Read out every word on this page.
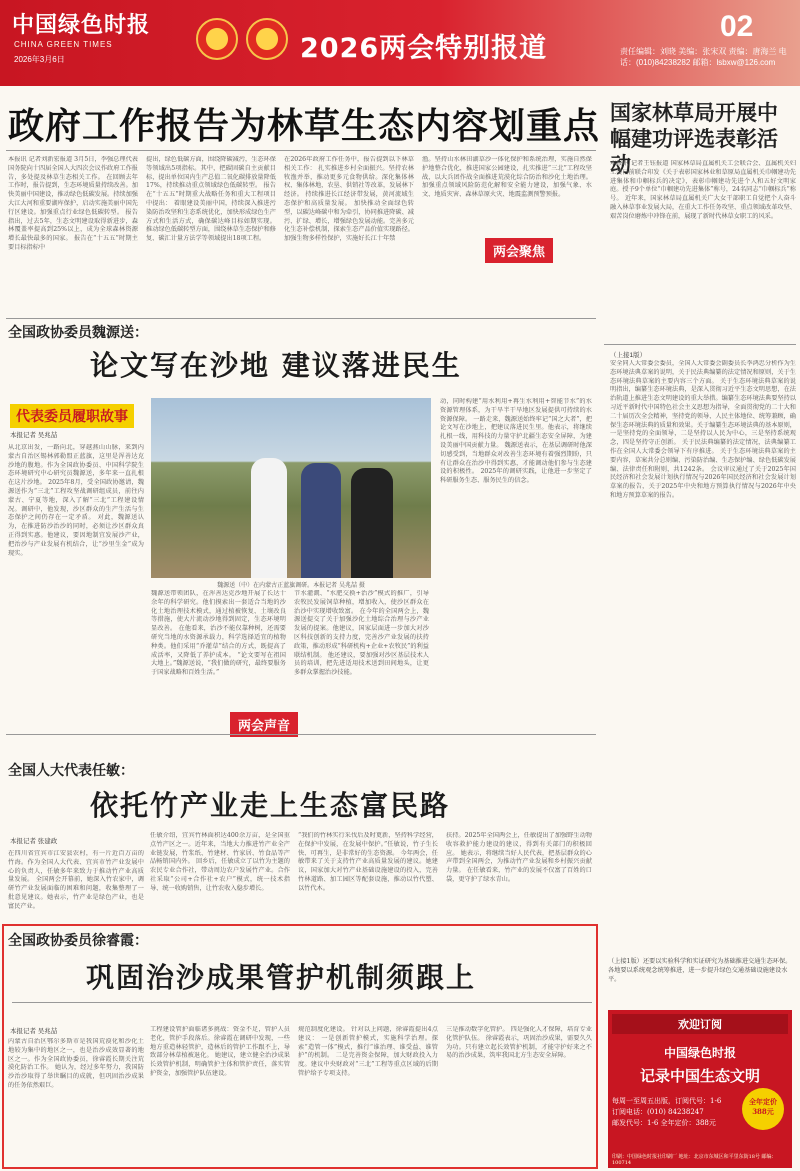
中国绿色时报
CHINA GREEN TIMES
2026年3月6日	2026两会特别报道
02
责任编辑：刘晓 美编：张宋双 责编：唐海兰 电话：(010)84238282 邮箱：lsbxw@126.com
政府工作报告为林草生态内容划重点
本报讯 记者刘新宏报道 3月5日，李强总理代表国务院向十四届全国人大四次会议作政府工作报告，多处提及林草生态相关工作。 在回顾去年工作时，报告提到，生态环境质量持续改善。加快美丽中国建设，推动绿色低碳发展。持续加强大江大河和重要湖库保护，启动实施美丽中国先行区建设。加强重点行业绿色低碳转型。 报告指出，过去5年，生态文明建设取得新进步，森林覆盖率提高到25%以上，成为全球森林资源增长最快最多的国家。 报告在“十五五”时期主要目标指标中
提出，绿色低碳方面，围绕降碳减污，生态环保等领域出5项指标。其中，把碳固碳自主贡献目标，提出单位国内生产总值二氧化碳排放量降低17%，持续推动重点领域绿色低碳转型。 报告在“十五五”时期重大战略任务和重大工程项目中提出： 着眼建设美丽中国，持续深入推进污染防治攻坚和生态系统优化，加快形成绿色生产方式和生活方式，确保碳达峰目标如期实现。 推动绿色低碳转型方面，围绕林草生态保护和修复、碳汇计量方法学等领域提出18项工程。
在2026年政府工作任务中，报告提到以下林草相关工作： 扎实推进乡村全面振兴。坚持农林牧渔并举，推动更多元食物供给。深化集体林权、集体林地，农垦、供销社等改革，发展林下经济。 持续推进长江经济带发展，黄河流域生态保护和高质量发展。 加快推动全面绿色转型，以碳达峰碳中和为牵引，协同推进降碳、减污、扩绿、增长，增强绿色发展动能。完善多元化生态补偿机制，探索生态产品价值实现路径。加强生物多样性保护，实施好长江十年禁
渔。坚持山水林田湖草沙一体化保护和系统治理，实施自然保护地整合优化，推进国家公园建设，扎实推进“三北”工程攻坚战，以大兵团作战全面推进荒漠化综合防治和沙化土地治理。 加强重点领域风险防范化解和安全能力建设，加强气象、水文、地质灾害、森林草原火灾、地震监测预警预报。
两会聚焦
国家林草局开展中幅建功评选表彰活动
本报讯 记者王钰报道 国家林草局直属机关工会联合会、直属机关妇工委日前联合印发《关于表彰国家林业和草原局直属机关巾帼建功先进集体和巾帼标兵的决定》，表彰巾帼建功先进个人和五好文明家庭。授予9个单位“巾帼建功先进集体”称号，24名同志“巾帼标兵”称号。 近年来，国家林草局直属机关广大女干部职工自觉把个人奋斗融入林草事业发展大局，在重大工作任务攻坚、重点领域改革攻坚、艰苦岗位磨炼中冲锋在前，展现了新时代林草女职工的风采。
（上接1版）
安全同人大常委会委员，全国人大常委会副委员长李鸿忠分析作为生态环境法典草案的说明，关于民法典编纂的法定情况和原则，关于生态环境法典草案的主要内容三个方面。 关于生态环境法典草案的说明指出，编纂生态环境法典，是深入贯彻习近平生态文明思想，在法治轨道上推进生态文明建设的重大举措。编纂生态环境法典要坚持以习近平新时代中国特色社会主义思想为指导，全面贯彻党的二十大和二十届历次全会精神，坚持党的领导、人民主体地位、统筹兼顾，确保生态环境法典的质量和效果。关于编纂生态环境法典的基本原则，一是坚持党的全面领导，二是坚持以人民为中心，三是坚持系统观念，四是坚持守正创新。 关于民法典编纂的法定情况，法典编纂工作在全国人大常委会领导下有序推进。 关于生态环境法典草案的主要内容，草案共分总则编、污染防治编、生态保护编、绿色低碳发展编、法律责任和附则，共1242条。 会议审议通过了关于2025年国民经济和社会发展计划执行情况与2026年国民经济和社会发展计划草案的报告，关于2025年中央和地方预算执行情况与2026年中央和地方预算草案的报告。
（上接1版）还要以实验科学和实证研究为基础推进交通生态环保。各地要以系统观念统筹推进，进一步提升绿色交通基础设施建设水平。
全国政协委员魏源送：
论文写在沙地 建议落进民生
代表委员履职故事
本报记者 吴兆喆
从北京出发，一路向北，穿越燕山山脉，来到内蒙古自治区锡林郭勒盟正蓝旗，这里是浑善达克沙地的腹地。作为全国政协委员、中国科学院生态环境研究中心研究员魏源送，多年来一直扎根在这片沙地。 2025年8月，受全国政协邀请，魏源送作为“三北”工程攻坚战调研组成员，前往内蒙古、宁夏等地，深入了解“三北”工程建设情况。调研中，他发现，沙区群众的生产生活与生态保护之间仍存在一定矛盾。 对此，魏源送认为，在推进防沙治沙的同时，必须让沙区群众真正得到实惠。他建议，要因地制宜发展沙产业，把治沙与产业发展有机结合，让“沙里生金”成为现实。
魏源送（中）在内蒙古正蓝旗调研。本报记者 吴兆喆 摄
魏源送带领团队，在浑善达克沙地开展了长达十余年的科学研究。他们摸索出一套适合当地的沙化土地治理技术模式，通过植被恢复、土壤改良等措施，使大片流动沙地得到固定，生态环境明显改善。 在他看来，治沙不能仅靠种树，还需要研究当地的水资源承载力，科学选择适宜的植物种类。他们采用“乔灌草”结合的方式，既提高了成活率，又降低了养护成本。 “论文要写在祖国大地上。”魏源送说，“我们做的研究，最终要服务于国家战略和百姓生活。”
节水灌溉、“水肥交换+治沙”模式的推广，引导农牧民发展饲草种植，增加收入，使沙区群众在治沙中实现增收致富。 在今年的全国两会上，魏源送提交了关于加强沙化土地综合治理与沙产业发展的提案。他建议，国家层面进一步加大对沙区科技创新的支持力度，完善沙产业发展的扶持政策，推动形成“科研机构+企业+农牧民”的利益联结机制。 他还建议，要加强对沙区基层技术人员的培训，把先进适用技术送到田间地头，让更多群众掌握治沙技能。
动，同时构建“用水利用+再生水利用+智能节水”的水资源管理体系，为干旱半干旱地区发展提供可持续的水资源保障。 一路走来，魏源送始终牢记“国之大者”，把论文写在沙地上，把建议落进民生里。他表示，将继续扎根一线，用科技的力量守护北疆生态安全屏障，为建设美丽中国贡献力量。 魏源送表示，在基层调研时他深切感受到，当地群众对改善生态环境有着强烈期盼，只有让群众在治沙中得到实惠，才能调动他们参与生态建设的积极性。 2025年的调研实践，让他进一步坚定了科研服务生态、服务民生的信念。
两会声音
全国人大代表任敏：
依托竹产业走上生态富民路
本报记者 张建政
在四川省宜宾市江安县农村，有一片近百万亩的竹海。作为全国人大代表、宜宾市竹产业发展中心的负责人，任敏多年来致力于推动竹产业高质量发展。 全国两会开幕前，她深入竹农家中，调研竹产业发展面临的困难和问题，收集整理了一批意见建议。她表示，竹产业是绿色产业，也是富民产业。
任敏介绍，宜宾竹林面积达400余万亩，是全国重点竹产区之一。近年来，当地大力推进竹产业全产业链发展，竹浆纸、竹建材、竹家居、竹食品等产品畅销国内外。 回乡后，任敏成立了以竹为主题的农民专业合作社，带动周边农户发展竹产业。合作社采取“公司+合作社+农户”模式，统一技术指导、统一收购销售，让竹农收入稳步增长。
“我们的竹林实行采伐后及时更新，坚持科学经营，在保护中发展，在发展中保护。”任敏说，竹子生长快、可再生，是非常好的生态资源。 今年两会，任敏带来了关于支持竹产业高质量发展的建议。她建议，国家加大对竹产业基础设施建设的投入，完善竹林道路、加工园区等配套设施，推动以竹代塑、以竹代木。
扶持。2025年全国两会上，任敏提出了加强野生动物收容救护能力建设的建议，得到有关部门的积极回应。 她表示，将继续当好人民代表，把基层群众的心声带到全国两会，为推动竹产业发展和乡村振兴贡献力量。 在任敏看来，竹产业的发展不仅富了百姓的口袋，更守护了绿水青山。
全国政协委员徐睿霞：
巩固治沙成果管护机制须跟上
本报记者 吴兆喆
内蒙古自治区鄂尔多斯市是我国荒漠化和沙化土地较为集中的地区之一，也是治沙成效显著的地区之一。作为全国政协委员，徐睿霞长期关注荒漠化防治工作。 她认为，经过多年努力，我国防沙治沙取得了举世瞩目的成就，但巩固治沙成果的任务依然艰巨。
工程建设管护面临诸多挑战：资金不足，管护人员老化，管护手段落后。徐睿霞在调研中发现，一些地方重造林轻管护，造林后的管护工作跟不上，导致部分林草植被退化。 她建议，建立健全治沙成果长效管护机制，明确管护主体和管护责任，落实管护资金，加强管护队伍建设。
规范制度化建设。 针对以上问题，徐睿霞提出4点建议： 一是创新管护模式，实施科学治理。探索“造管一体”模式，推行“谁治理、谁受益、谁管护”的机制。 二是完善资金保障，加大财政投入力度。建议中央财政对“三北”工程等重点区域的后期管护给予专项支持。
三是推动数字化管护。 四是强化人才保障，培育专业化管护队伍。 徐睿霞表示，巩固治沙成果，需要久久为功。只有建立起长效管护机制，才能守护好来之不易的治沙成果，筑牢我国北方生态安全屏障。
欢迎订阅
中国绿色时报
记录中国生态文明
每周一至周五出版，订阅代号：1-6
订阅电话：(010) 84238247
邮发代号：1-6 全年定价：388元
全年定价 388元
印刷：中国绿色时报社印刷厂 地址：北京市东城区和平里东街18号 邮编：100714
